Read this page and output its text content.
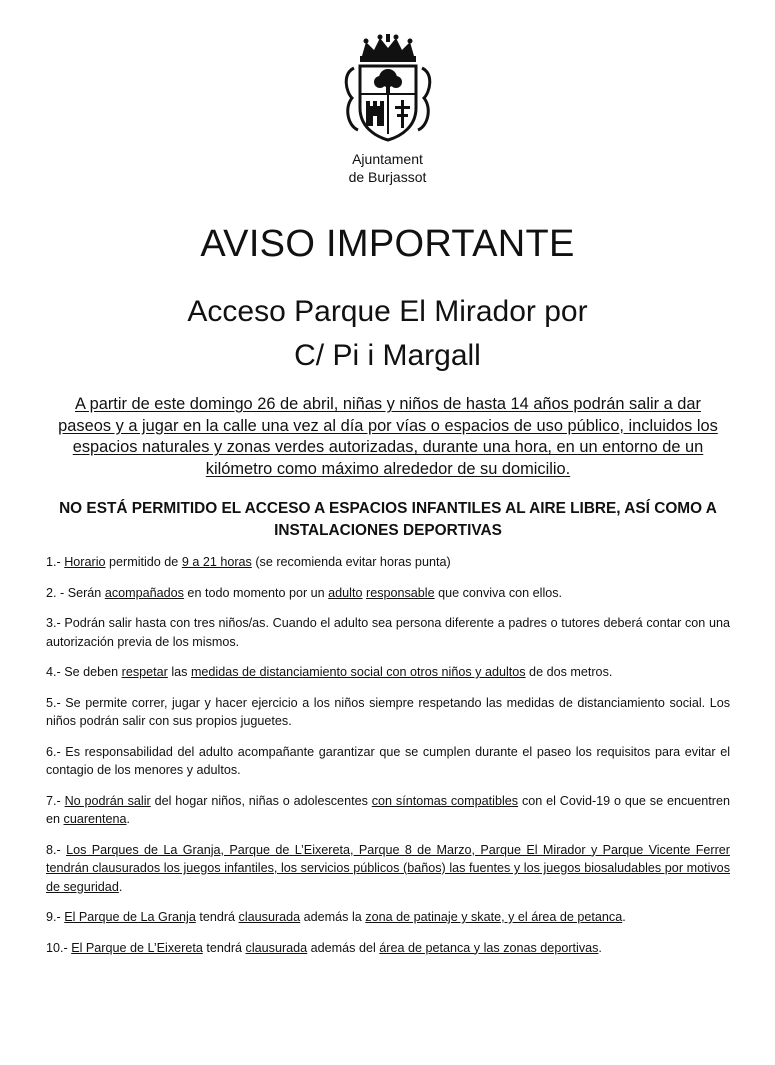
Ajuntament
de Burjassot
AVISO IMPORTANTE
Acceso Parque El Mirador por
C/ Pi i Margall
A partir de este domingo 26 de abril, niñas y niños de hasta 14 años podrán salir a dar paseos y a jugar en la calle una vez al día por vías o espacios de uso público, incluidos los espacios naturales y zonas verdes autorizadas, durante una hora, en un entorno de un kilómetro como máximo alrededor de su domicilio.
NO ESTÁ PERMITIDO EL ACCESO A ESPACIOS INFANTILES AL AIRE LIBRE, ASÍ COMO A
INSTALACIONES DEPORTIVAS
1.- Horario permitido de 9 a 21 horas (se recomienda evitar horas punta)
2. - Serán acompañados en todo momento por un adulto responsable que conviva con ellos.
3.- Podrán salir hasta con tres niños/as. Cuando el adulto sea persona diferente a padres o tutores deberá contar con una autorización previa de los mismos.
4.- Se deben respetar las medidas de distanciamiento social con otros niños y adultos de dos metros.
5.- Se permite correr, jugar y hacer ejercicio a los niños siempre respetando las medidas de distanciamiento social. Los niños podrán salir con sus propios juguetes.
6.- Es responsabilidad del adulto acompañante garantizar que se cumplen durante el paseo los requisitos para evitar el contagio de los menores y adultos.
7.- No podrán salir del hogar niños, niñas o adolescentes con síntomas compatibles con el Covid-19 o que se encuentren en cuarentena.
8.- Los Parques de La Granja, Parque de L’Eixereta, Parque 8 de Marzo, Parque El Mirador y Parque Vicente Ferrer tendrán clausurados los juegos infantiles, los servicios públicos (baños) las fuentes y los juegos biosaludables por motivos de seguridad.
9.- El Parque de La Granja tendrá clausurada además la zona de patinaje y skate, y el área de petanca.
10.- El Parque de L’Eixereta tendrá clausurada además del área de petanca y las zonas deportivas.
